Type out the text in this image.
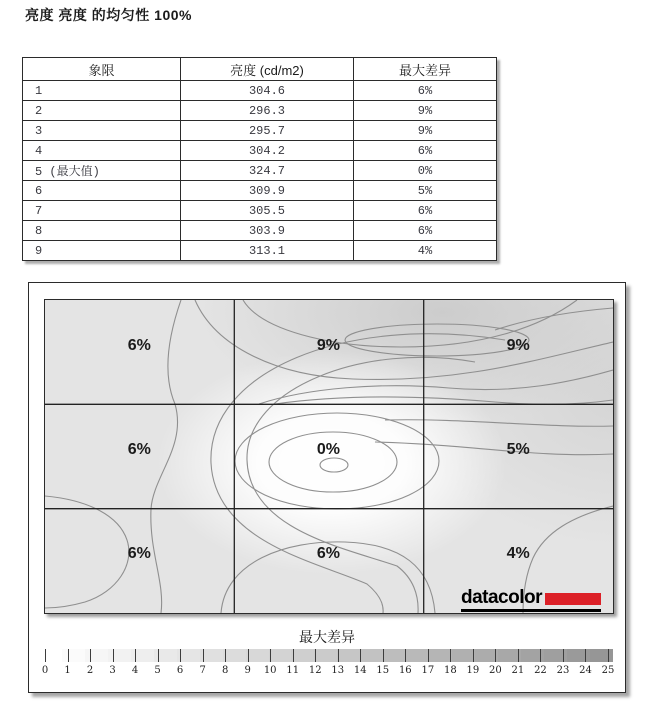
亮度 亮度 的均匀性 100%
象限	亮度 (cd/m2)	最大差异
1	304.6	6%
2	296.3	9%
3	295.7	9%
4	304.2	6%
5 (最大值)	324.7	0%
6	309.9	5%
7	305.5	6%
8	303.9	6%
9	313.1	4%
datacolor
6%	9%	9%
6%	0%	5%
6%	6%	4%
最大差异
0 1 2 3 4 5 6 7 8 9 10 11 12 13 14 15 16 17 18 19 20 21 22 23 24 25
